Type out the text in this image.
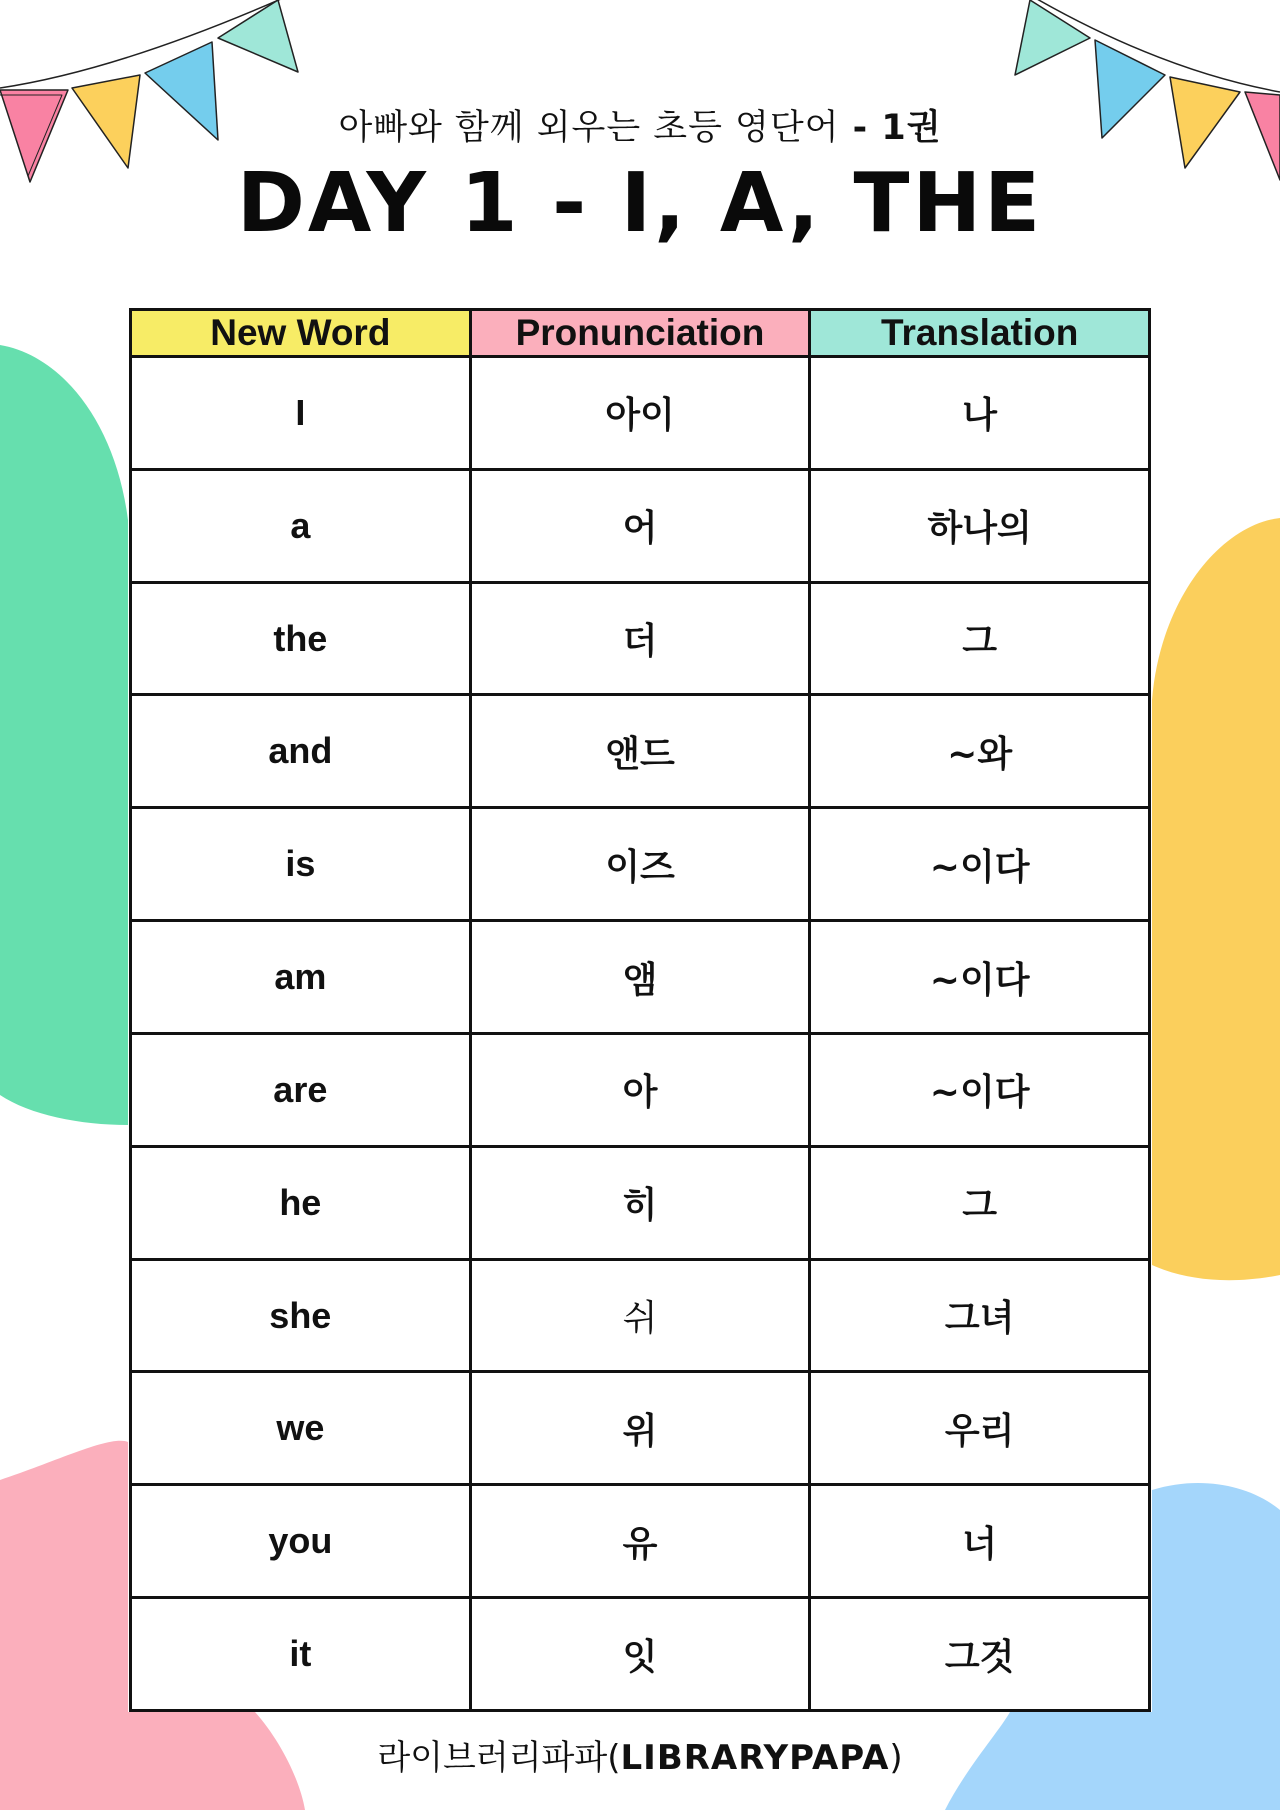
아빠와 함께 외우는 초등 영단어 - 1권
DAY 1 - I, A, THE
New Word	Pronunciation	Translation
I	아이	나
a	어	하나의
the	더	그
and	앤드	~와
is	이즈	~이다
am	앰	~이다
are	아	~이다
he	히	그
she	쉬	그녀
we	위	우리
you	유	너
it	잇	그것
라이브러리파파(LIBRARYPAPA)
